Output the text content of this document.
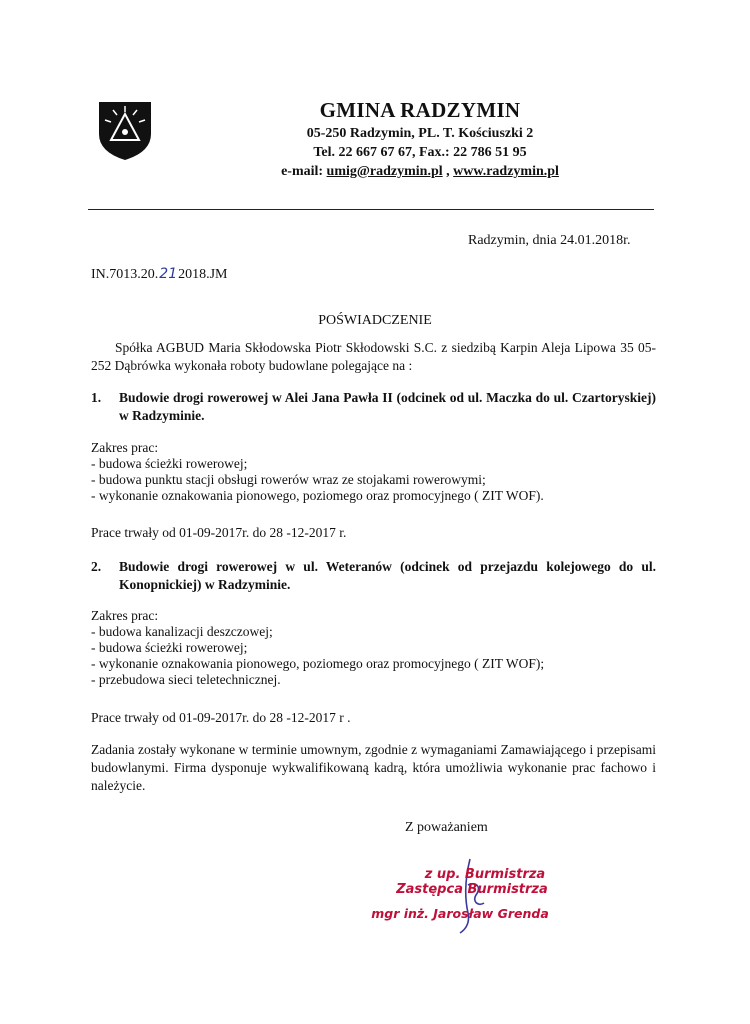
GMINA RADZYMIN
05-250 Radzymin, PL. T. Kościuszki 2
Tel. 22 667 67 67, Fax.: 22 786 51 95
e-mail: umig@radzymin.pl , www.radzymin.pl
Radzymin, dnia 24.01.2018r.
IN.7013.20.212018.JM
POŚWIADCZENIE
Spółka AGBUD Maria Skłodowska Piotr Skłodowski S.C. z siedzibą Karpin Aleja Lipowa 35 05-252 Dąbrówka wykonała roboty budowlane polegające na :
1. Budowie drogi rowerowej w Alei Jana Pawła II (odcinek od ul. Maczka do ul. Czartoryskiej) w Radzyminie.
Zakres prac:
- budowa ścieżki rowerowej;
- budowa punktu stacji obsługi rowerów wraz ze stojakami rowerowymi;
- wykonanie oznakowania pionowego, poziomego oraz promocyjnego ( ZIT WOF).
Prace trwały od 01-09-2017r. do 28 -12-2017 r.
2. Budowie drogi rowerowej w ul. Weteranów (odcinek od przejazdu kolejowego do ul. Konopnickiej) w Radzyminie.
Zakres prac:
- budowa kanalizacji deszczowej;
- budowa ścieżki rowerowej;
- wykonanie oznakowania pionowego, poziomego oraz promocyjnego ( ZIT WOF);
- przebudowa sieci teletechnicznej.
Prace trwały od 01-09-2017r. do 28 -12-2017 r .
Zadania zostały wykonane w terminie umownym, zgodnie z wymaganiami Zamawiającego i przepisami budowlanymi. Firma dysponuje wykwalifikowaną kadrą, która umożliwia wykonanie prac fachowo i należycie.
Z poważaniem
z up. Burmistrza
Zastępca Burmistrza
mgr inż. Jarosław Grenda
